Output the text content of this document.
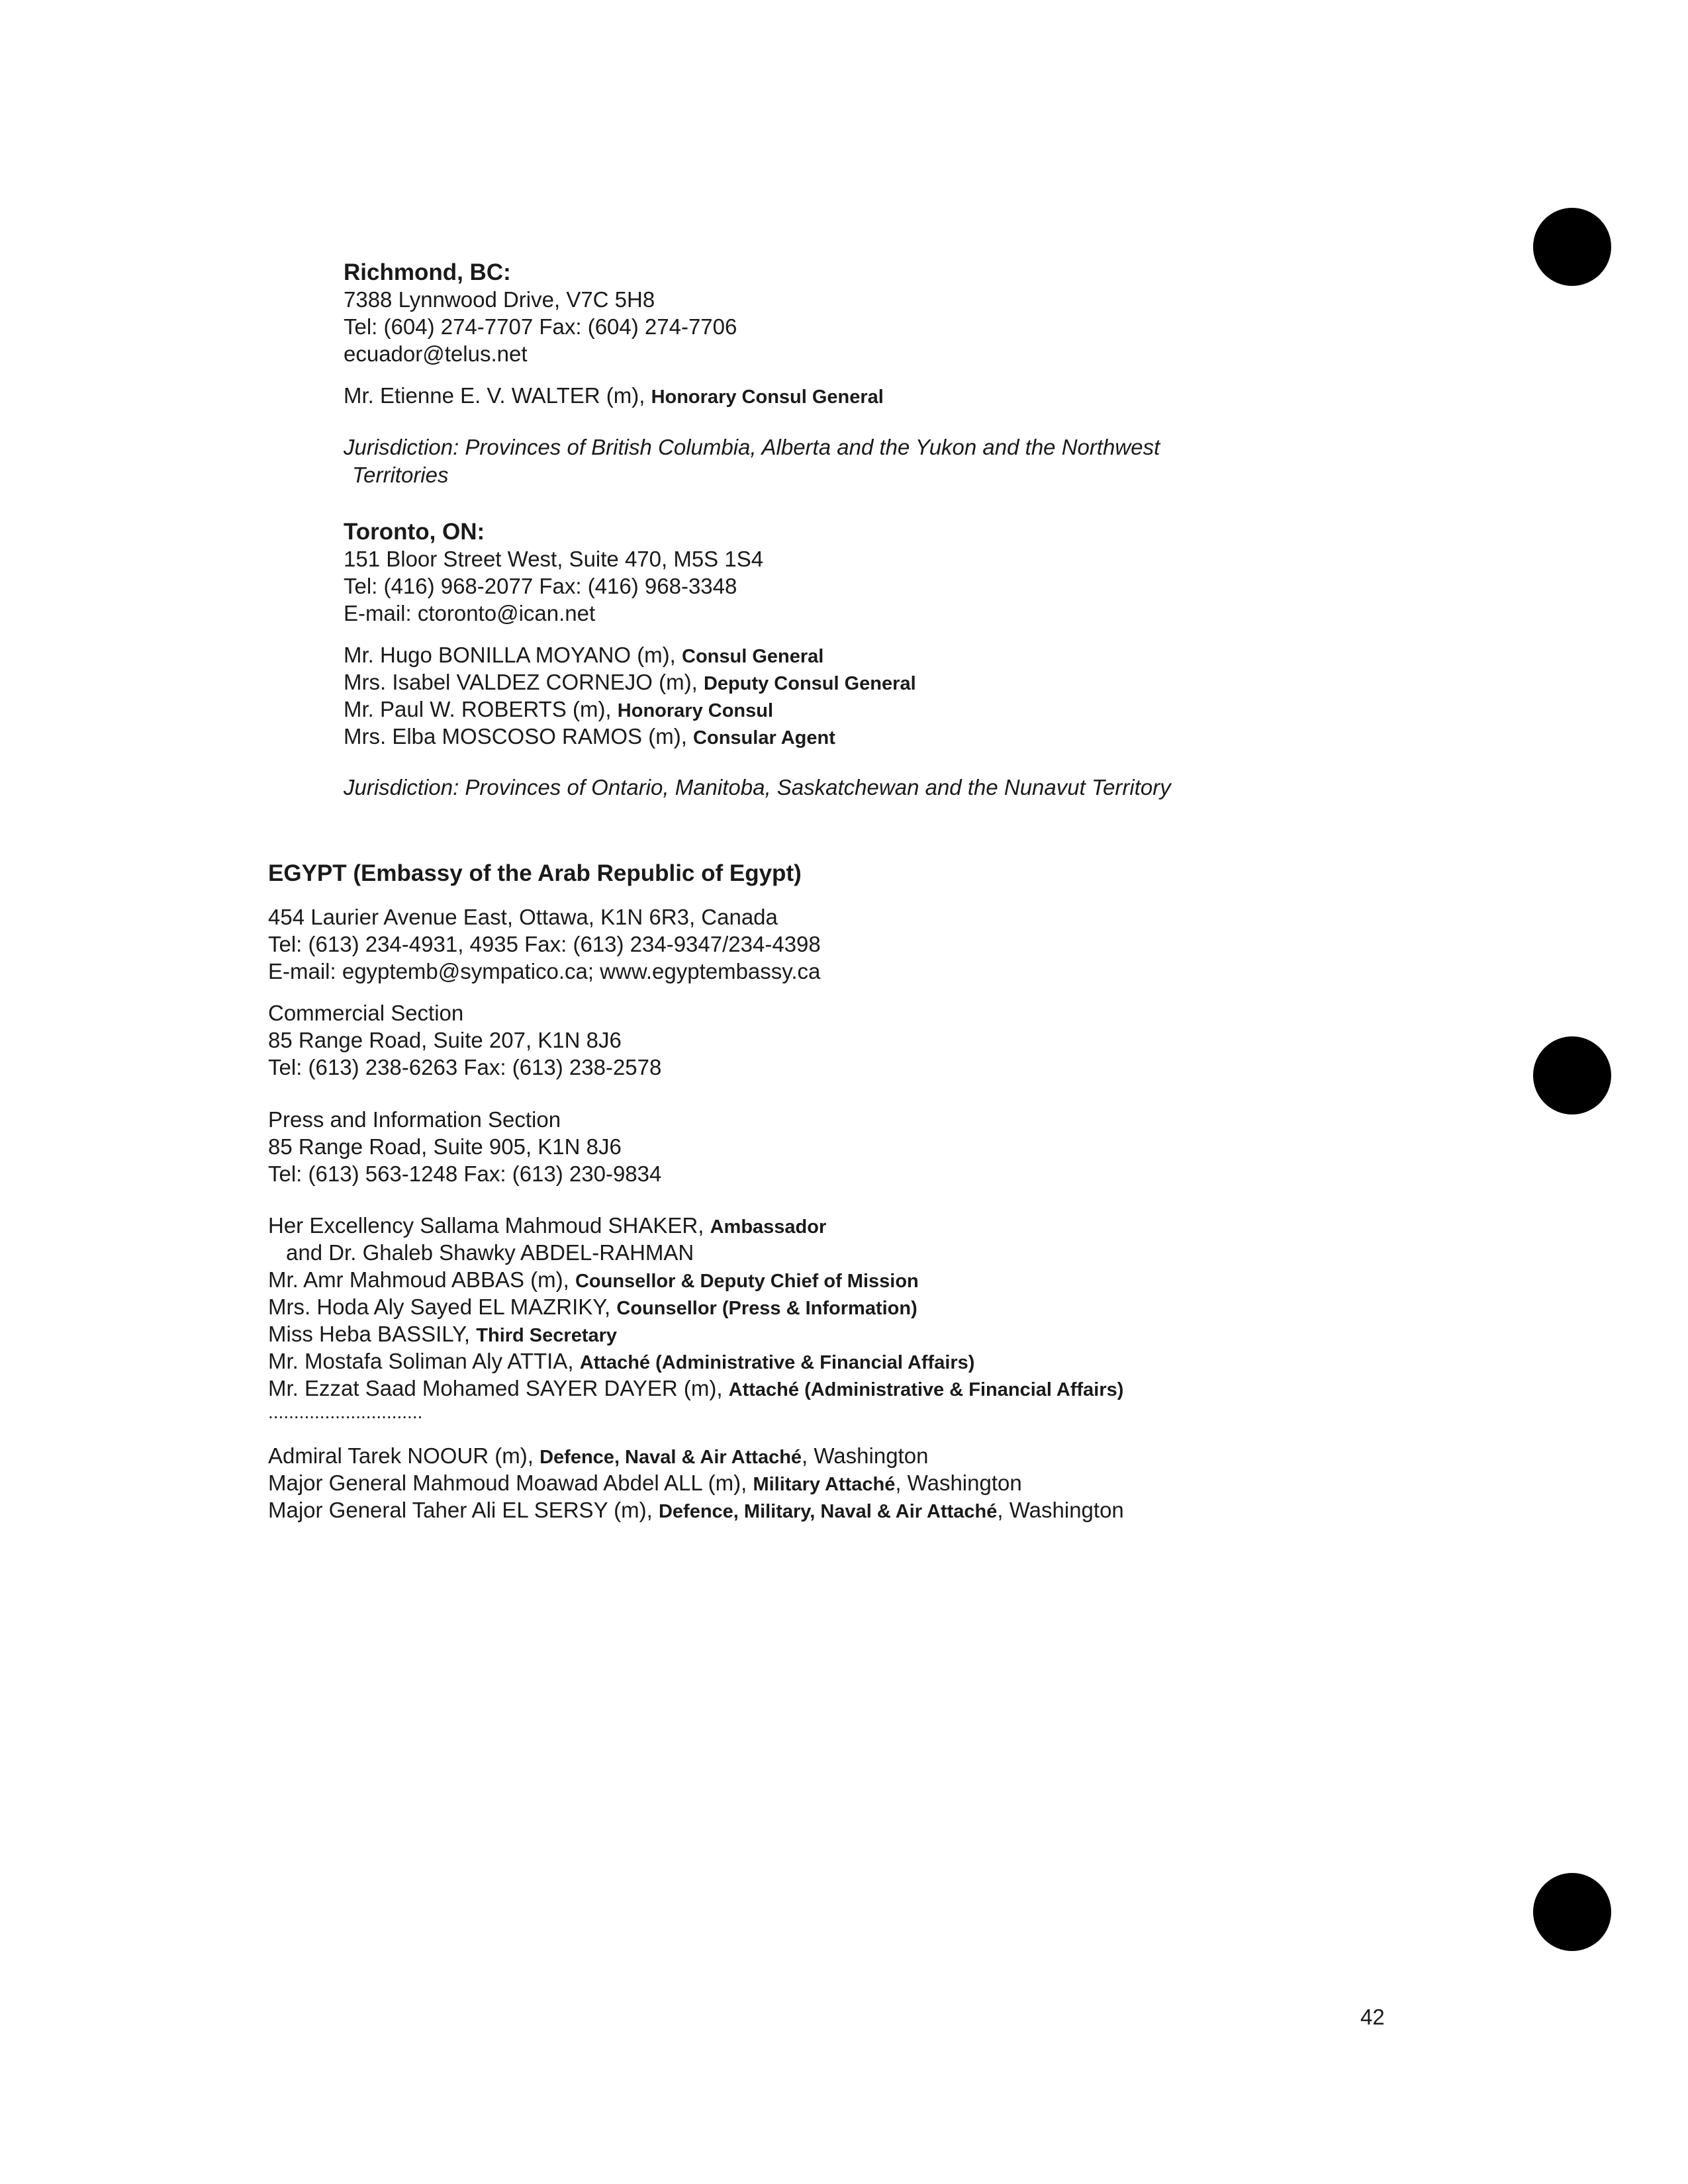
Richmond, BC:
7388 Lynnwood Drive, V7C 5H8
Tel: (604) 274-7707 Fax: (604) 274-7706
ecuador@telus.net
Mr. Etienne E. V. WALTER (m), Honorary Consul General
Jurisdiction: Provinces of British Columbia, Alberta and the Yukon and the Northwest
Territories
Toronto, ON:
151 Bloor Street West, Suite 470, M5S 1S4
Tel: (416) 968-2077 Fax: (416) 968-3348
E-mail: ctoronto@ican.net
Mr. Hugo BONILLA MOYANO (m), Consul General
Mrs. Isabel VALDEZ CORNEJO (m), Deputy Consul General
Mr. Paul W. ROBERTS (m), Honorary Consul
Mrs. Elba MOSCOSO RAMOS (m), Consular Agent
Jurisdiction: Provinces of Ontario, Manitoba, Saskatchewan and the Nunavut Territory
EGYPT (Embassy of the Arab Republic of Egypt)
454 Laurier Avenue East, Ottawa, K1N 6R3, Canada
Tel: (613) 234-4931, 4935 Fax: (613) 234-9347/234-4398
E-mail: egyptemb@sympatico.ca; www.egyptembassy.ca
Commercial Section
85 Range Road, Suite 207, K1N 8J6
Tel: (613) 238-6263 Fax: (613) 238-2578
Press and Information Section
85 Range Road, Suite 905, K1N 8J6
Tel: (613) 563-1248 Fax: (613) 230-9834
Her Excellency Sallama Mahmoud SHAKER, Ambassador
and Dr. Ghaleb Shawky ABDEL-RAHMAN
Mr. Amr Mahmoud ABBAS (m), Counsellor & Deputy Chief of Mission
Mrs. Hoda Aly Sayed EL MAZRIKY, Counsellor (Press & Information)
Miss Heba BASSILY, Third Secretary
Mr. Mostafa Soliman Aly ATTIA, Attaché (Administrative & Financial Affairs)
Mr. Ezzat Saad Mohamed SAYER DAYER (m), Attaché (Administrative & Financial Affairs)
..............................
Admiral Tarek NOOUR (m), Defence, Naval & Air Attaché, Washington
Major General Mahmoud Moawad Abdel ALL (m), Military Attaché, Washington
Major General Taher Ali EL SERSY (m), Defence, Military, Naval & Air Attaché, Washington
42
